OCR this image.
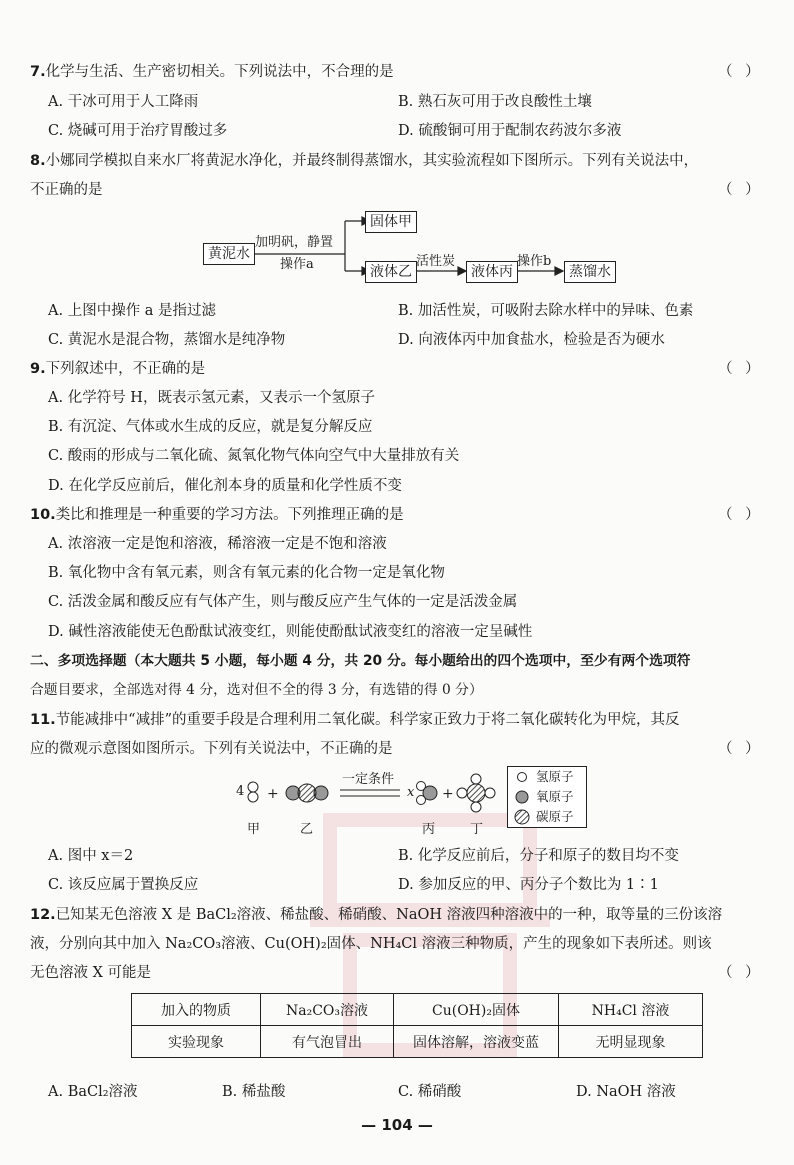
7.化学与生活、生产密切相关。下列说法中，不合理的是	（ ）
A. 干冰可用于人工降雨	B. 熟石灰可用于改良酸性土壤
C. 烧碱可用于治疗胃酸过多	D. 硫酸铜可用于配制农药波尔多液
8.小娜同学模拟自来水厂将黄泥水净化，并最终制得蒸馏水，其实验流程如下图所示。下列有关说法中，
不正确的是	（ ）
黄泥水
加明矾，静置
操作a
固体甲
液体乙
活性炭
液体丙
操作b
蒸馏水
A. 上图中操作 a 是指过滤	B. 加活性炭，可吸附去除水样中的异味、色素
C. 黄泥水是混合物，蒸馏水是纯净物	D. 向液体丙中加食盐水，检验是否为硬水
9.下列叙述中，不正确的是	（ ）
A. 化学符号 H，既表示氢元素，又表示一个氢原子
B. 有沉淀、气体或水生成的反应，就是复分解反应
C. 酸雨的形成与二氧化硫、氮氧化物气体向空气中大量排放有关
D. 在化学反应前后，催化剂本身的质量和化学性质不变
10.类比和推理是一种重要的学习方法。下列推理正确的是	（ ）
A. 浓溶液一定是饱和溶液，稀溶液一定是不饱和溶液
B. 氧化物中含有氧元素，则含有氧元素的化合物一定是氧化物
C. 活泼金属和酸反应有气体产生，则与酸反应产生气体的一定是活泼金属
D. 碱性溶液能使无色酚酞试液变红，则能使酚酞试液变红的溶液一定呈碱性
二、多项选择题（本大题共 5 小题，每小题 4 分，共 20 分。每小题给出的四个选项中，至少有两个选项符
合题目要求，全部选对得 4 分，选对但不全的得 3 分，有选错的得 0 分）
11.节能减排中“减排”的重要手段是合理利用二氧化碳。科学家正致力于将二氧化碳转化为甲烷，其反
应的微观示意图如图所示。下列有关说法中，不正确的是	（ ）
4 +	+
一定条件
x
甲	乙	丙	丁
氢原子
氧原子
碳原子
A. 图中 x＝2	B. 化学反应前后，分子和原子的数目均不变
C. 该反应属于置换反应	D. 参加反应的甲、丙分子个数比为 1∶1
12.已知某无色溶液 X 是 BaCl₂溶液、稀盐酸、稀硝酸、NaOH 溶液四种溶液中的一种，取等量的三份该溶
液，分别向其中加入 Na₂CO₃溶液、Cu(OH)₂固体、NH₄Cl 溶液三种物质，产生的现象如下表所述。则该
无色溶液 X 可能是	（ ）
加入的物质	Na₂CO₃溶液	Cu(OH)₂固体	NH₄Cl 溶液
实验现象	有气泡冒出	固体溶解，溶液变蓝	无明显现象
A. BaCl₂溶液	B. 稀盐酸	C. 稀硝酸	D. NaOH 溶液
— 104 —
